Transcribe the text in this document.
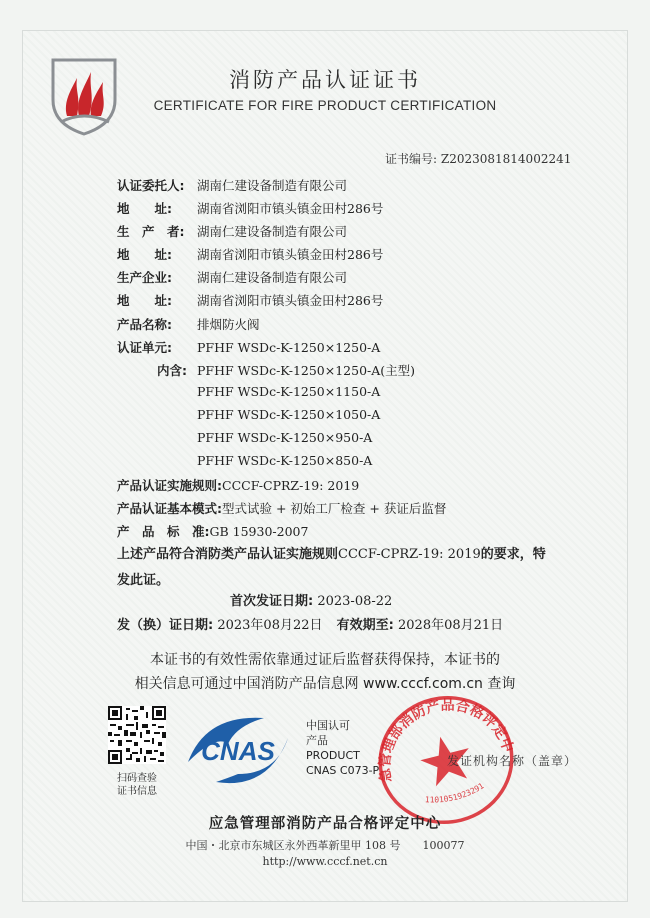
消防产品认证证书
CERTIFICATE FOR FIRE PRODUCT CERTIFICATION
证书编号: Z2023081814002241
认证委托人: 湖南仁建设备制造有限公司
地　　址: 湖南省浏阳市镇头镇金田村286号
生　产　者: 湖南仁建设备制造有限公司
地　　址: 湖南省浏阳市镇头镇金田村286号
生产企业: 湖南仁建设备制造有限公司
地　　址: 湖南省浏阳市镇头镇金田村286号
产品名称: 排烟防火阀
认证单元: PFHF WSDc-K-1250×1250-A
内含: PFHF WSDc-K-1250×1250-A(主型)
PFHF WSDc-K-1250×1150-A
PFHF WSDc-K-1250×1050-A
PFHF WSDc-K-1250×950-A
PFHF WSDc-K-1250×850-A
产品认证实施规则:CCCF-CPRZ-19: 2019
产品认证基本模式:型式试验 + 初始工厂检查 + 获证后监督
产　品　标　准:GB 15930-2007
上述产品符合消防类产品认证实施规则CCCF-CPRZ-19: 2019的要求，特发此证。
首次发证日期: 2023-08-22
发（换）证日期: 2023年08月22日 有效期至: 2028年08月21日
本证书的有效性需依靠通过证后监督获得保持，本证书的
相关信息可通过中国消防产品信息网 www.cccf.com.cn 查询
扫码查验
证书信息
CNAS
中国认可
产品
PRODUCT
CNAS C073-P
应急管理部消防产品合格评定中心
1101051923291
发证机构名称（盖章）
应急管理部消防产品合格评定中心
中国・北京市东城区永外西革新里甲 108 号　　100077
http://www.cccf.net.cn
